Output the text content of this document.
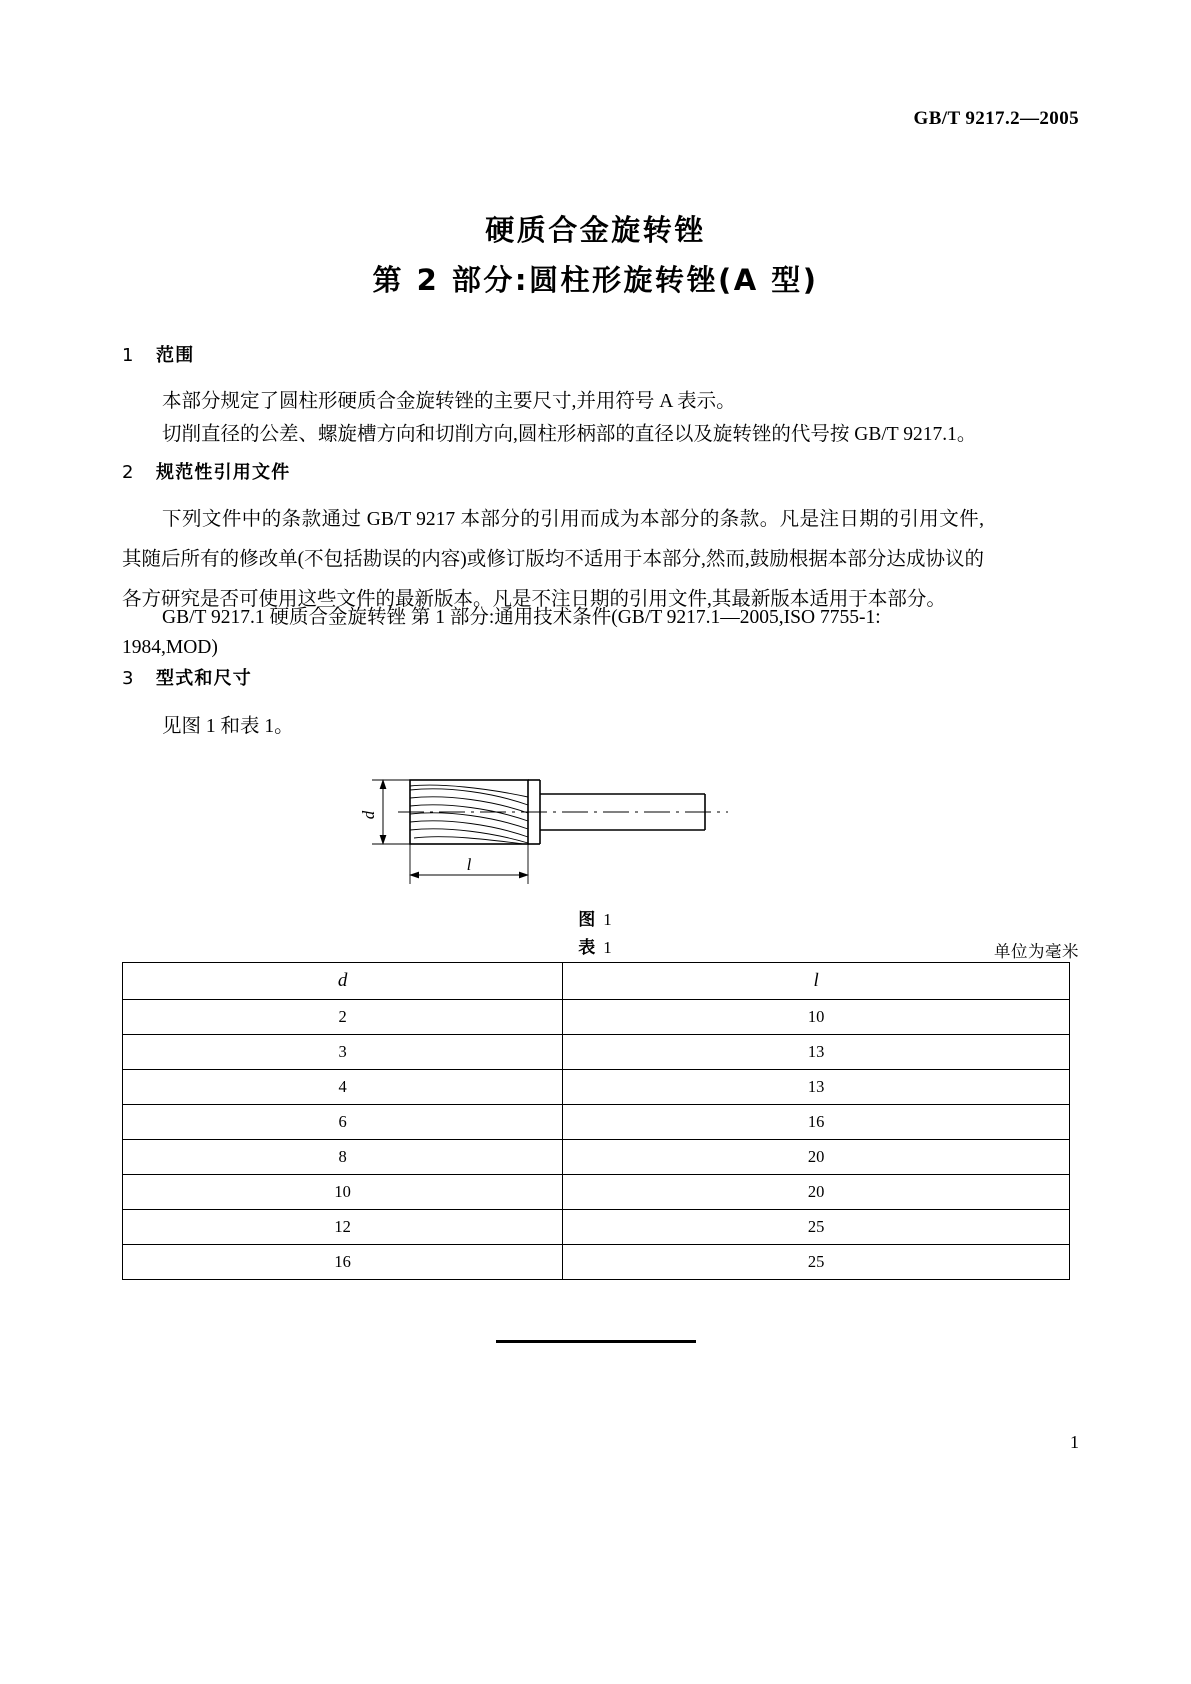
GB/T 9217.2—2005
硬质合金旋转锉
第 2 部分:圆柱形旋转锉(A 型)
1 范围
本部分规定了圆柱形硬质合金旋转锉的主要尺寸,并用符号 A 表示。
切削直径的公差、螺旋槽方向和切削方向,圆柱形柄部的直径以及旋转锉的代号按 GB/T 9217.1。
2 规范性引用文件
下列文件中的条款通过 GB/T 9217 本部分的引用而成为本部分的条款。凡是注日期的引用文件,其随后所有的修改单(不包括勘误的内容)或修订版均不适用于本部分,然而,鼓励根据本部分达成协议的各方研究是否可使用这些文件的最新版本。凡是不注日期的引用文件,其最新版本适用于本部分。
GB/T 9217.1 硬质合金旋转锉 第 1 部分:通用技术条件(GB/T 9217.1—2005,ISO 7755-1:
1984,MOD)
3 型式和尺寸
见图 1 和表 1。
d
l
图 1
表 1	单位为毫米
d	l
2	10
3	13
4	13
6	16
8	20
10	20
12	25
16	25
1
